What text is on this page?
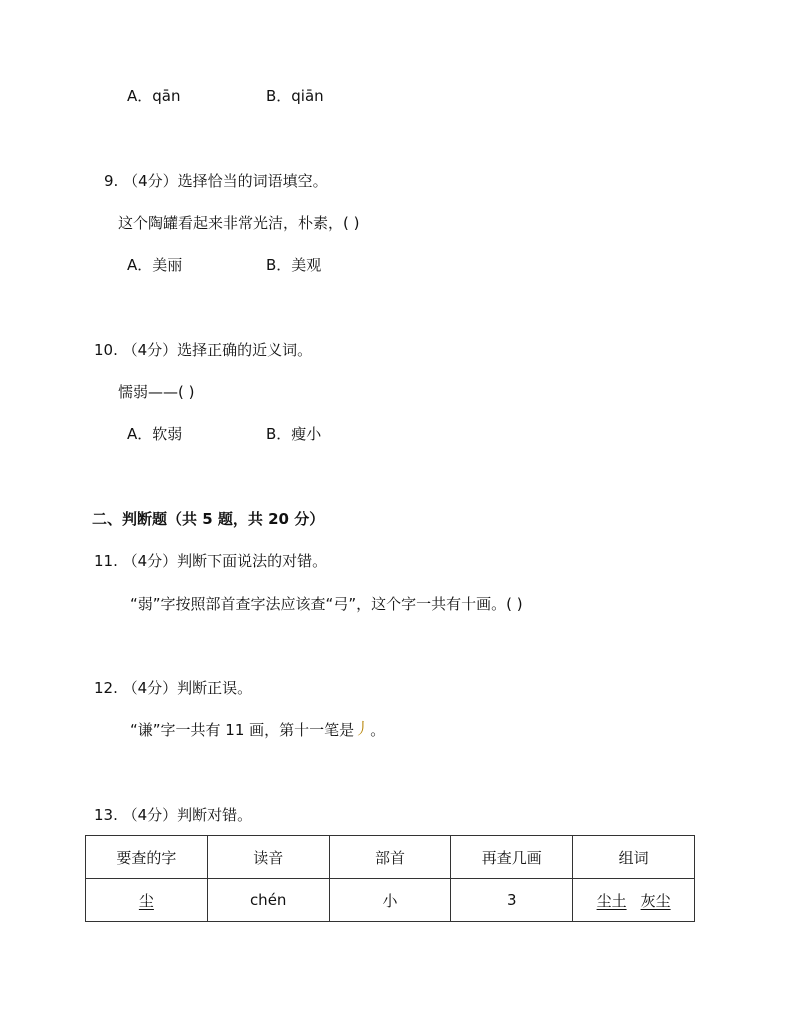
A．qān	B．qiān
9. （4分）选择恰当的词语填空。
这个陶罐看起来非常光洁，朴素，( )
A．美丽	B．美观
10. （4分）选择正确的近义词。
懦弱——( )
A．软弱	B．瘦小
二、判断题（共 5 题，共 20 分）
11. （4分）判断下面说法的对错。
“弱”字按照部首查字法应该查“弓”，这个字一共有十画。( )
12. （4分）判断正误。
“谦”字一共有 11 画，第十一笔是丿。
13. （4分）判断对错。
要查的字	读音	部首	再查几画	组词
尘	chén	小	3	尘土 灰尘
